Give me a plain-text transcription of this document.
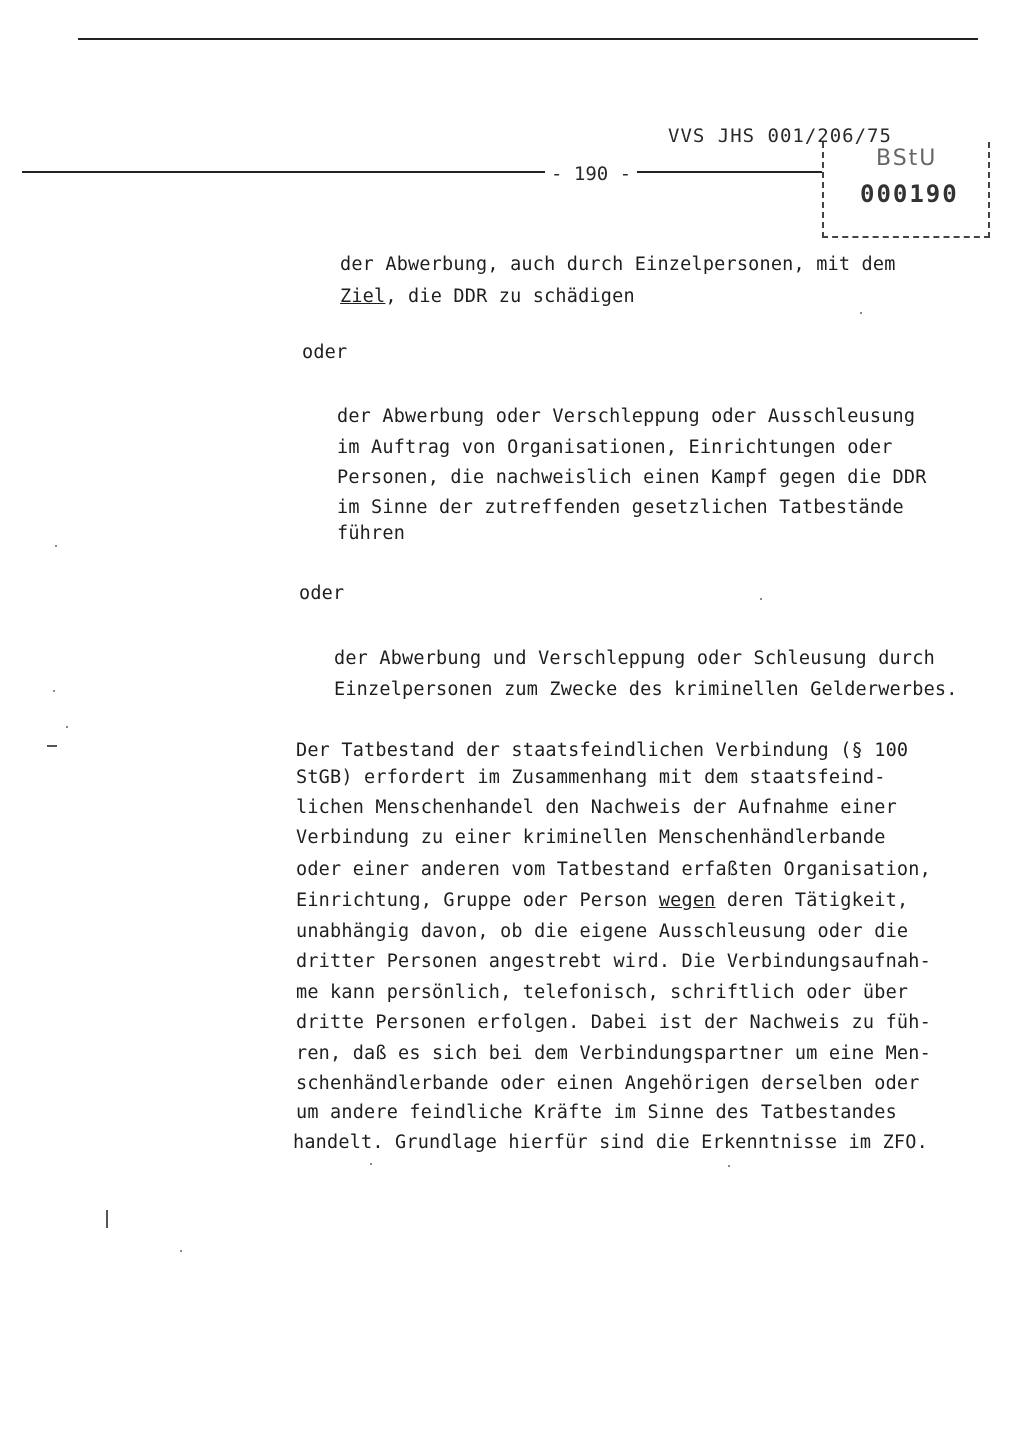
VVS JHS 001/206/75
- 190 -
BStU
000190
der Abwerbung, auch durch Einzelpersonen, mit dem
Ziel, die DDR zu schädigen
oder
der Abwerbung oder Verschleppung oder Ausschleusung
im Auftrag von Organisationen, Einrichtungen oder
Personen, die nachweislich einen Kampf gegen die DDR
im Sinne der zutreffenden gesetzlichen Tatbestände
führen
oder
der Abwerbung und Verschleppung oder Schleusung durch
Einzelpersonen zum Zwecke des kriminellen Gelderwerbes.
Der Tatbestand der staatsfeindlichen Verbindung (§ 100
StGB) erfordert im Zusammenhang mit dem staatsfeind-
lichen Menschenhandel den Nachweis der Aufnahme einer
Verbindung zu einer kriminellen Menschenhändlerbande
oder einer anderen vom Tatbestand erfaßten Organisation,
Einrichtung, Gruppe oder Person wegen deren Tätigkeit,
unabhängig davon, ob die eigene Ausschleusung oder die
dritter Personen angestrebt wird. Die Verbindungsaufnah-
me kann persönlich, telefonisch, schriftlich oder über
dritte Personen erfolgen. Dabei ist der Nachweis zu füh-
ren, daß es sich bei dem Verbindungspartner um eine Men-
schenhändlerbande oder einen Angehörigen derselben oder
um andere feindliche Kräfte im Sinne des Tatbestandes
handelt. Grundlage hierfür sind die Erkenntnisse im ZFO.
